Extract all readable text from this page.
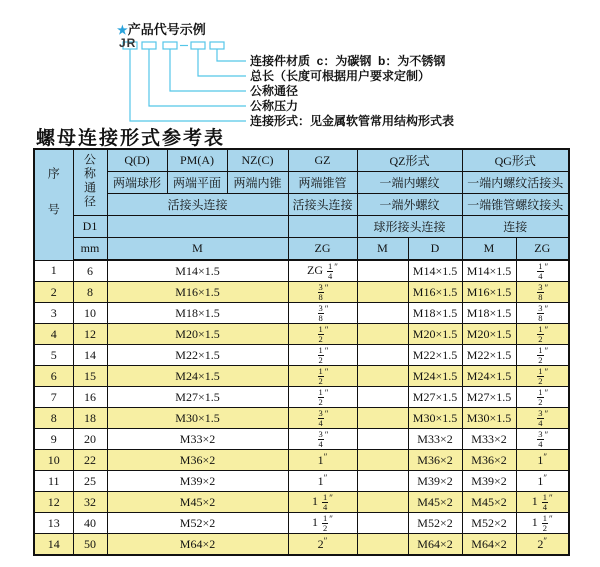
★产品代号示例
JR
连接件材质  c：为碳钢  b：为不锈钢
总长（长度可根据用户要求定制）
公称通径
公称压力
连接形式：见金属软管常用结构形式表
螺母连接形式参考表
序号	公称通径	Q(D)	PM(A)	NZ(C)	GZ	QZ形式		QG形式	
		两端球形	两端平面	两端内锥	两端锥管	一端内螺纹		一端内螺纹活接头	
		活接头连接			活接头连接	一端外螺纹		一端锥管螺纹接头	
	D1					球形接头连接		连接	
	mm	M			ZG	M	D	M	ZG
1	6	M14×1.5			ZG $\frac{1}{4} ''$		M14×1.5	M14×1.5	$\frac{1}{4} ''$
2	8	M16×1.5			$\frac{3}{8} ''$		M16×1.5	M16×1.5	$\frac{3}{8} ''$
3	10	M18×1.5			$\frac{3}{8} ''$		M18×1.5	M18×1.5	$\frac{3}{8} ''$
4	12	M20×1.5			$\frac{1}{2} ''$		M20×1.5	M20×1.5	$\frac{1}{2} ''$
5	14	M22×1.5			$\frac{1}{2} ''$		M22×1.5	M22×1.5	$\frac{1}{2} ''$
6	15	M24×1.5			$\frac{1}{2} ''$		M24×1.5	M24×1.5	$\frac{1}{2} ''$
7	16	M27×1.5			$\frac{1}{2} ''$		M27×1.5	M27×1.5	$\frac{1}{2} ''$
8	18	M30×1.5			$\frac{3}{4} ''$		M30×1.5	M30×1.5	$\frac{3}{4} ''$
9	20	M33×2			$\frac{3}{4} ''$		M33×2	M33×2	$\frac{3}{4} ''$
10	22	M36×2			1″		M36×2	M36×2	1″
11	25	M39×2			1″		M39×2	M39×2	1″
12	32	M45×2			$1 \frac{1}{4} ''$		M45×2	M45×2	$1 \frac{1}{4} ''$
13	40	M52×2			$1 \frac{1}{2} ''$		M52×2	M52×2	$1 \frac{1}{2} ''$
14	50	M64×2			2″		M64×2	M64×2	2″
